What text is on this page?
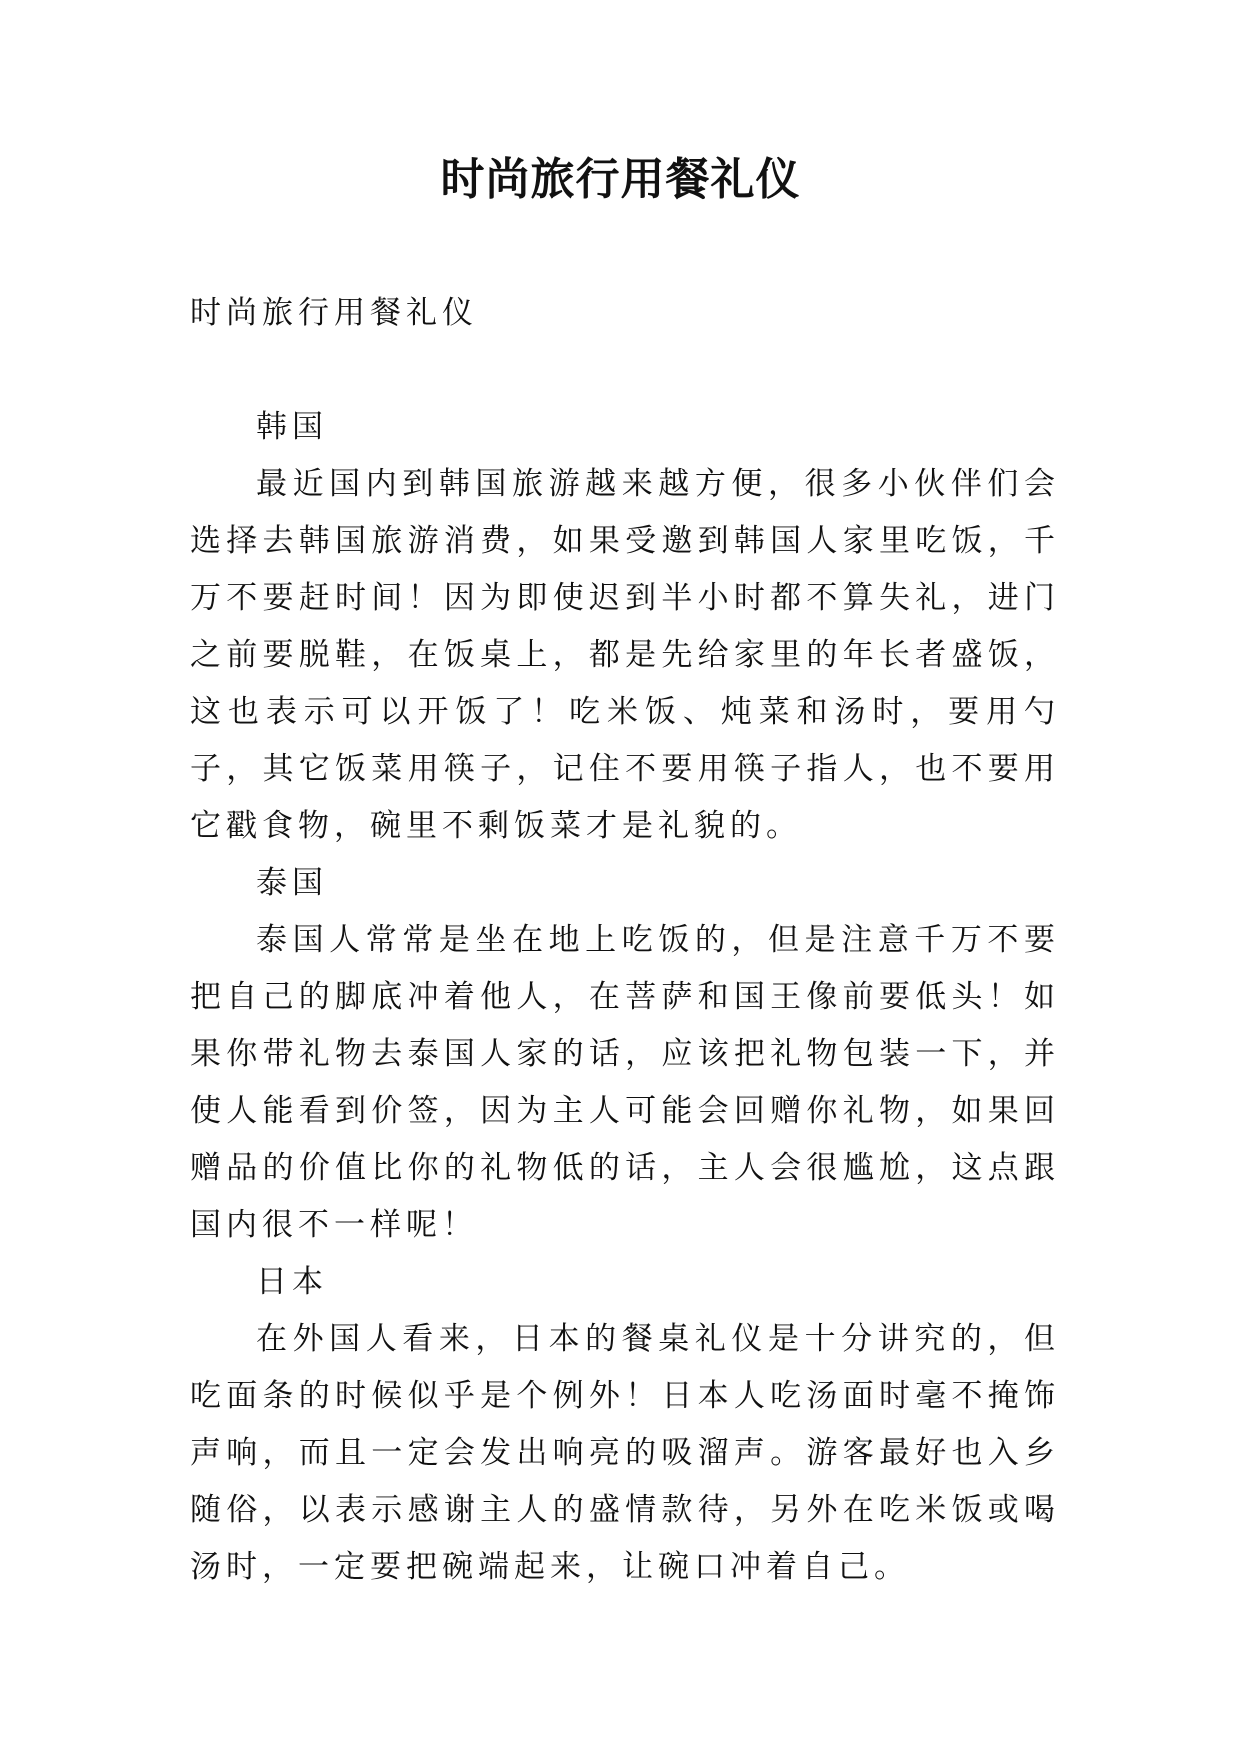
时尚旅行用餐礼仪

时尚旅行用餐礼仪

韩国

最近国内到韩国旅游越来越方便，很多小伙伴们会选择去韩国旅游消费，如果受邀到韩国人家里吃饭，千万不要赶时间！因为即使迟到半小时都不算失礼，进门之前要脱鞋，在饭桌上，都是先给家里的年长者盛饭，这也表示可以开饭了！吃米饭、炖菜和汤时，要用勺子，其它饭菜用筷子，记住不要用筷子指人，也不要用它戳食物，碗里不剩饭菜才是礼貌的。

泰国

泰国人常常是坐在地上吃饭的，但是注意千万不要把自己的脚底冲着他人，在菩萨和国王像前要低头！如果你带礼物去泰国人家的话，应该把礼物包装一下，并使人能看到价签，因为主人可能会回赠你礼物，如果回赠品的价值比你的礼物低的话，主人会很尴尬，这点跟国内很不一样呢！

日本

在外国人看来，日本的餐桌礼仪是十分讲究的，但吃面条的时候似乎是个例外！日本人吃汤面时毫不掩饰声响，而且一定会发出响亮的吸溜声。游客最好也入乡随俗，以表示感谢主人的盛情款待，另外在吃米饭或喝汤时，一定要把碗端起来，让碗口冲着自己。
